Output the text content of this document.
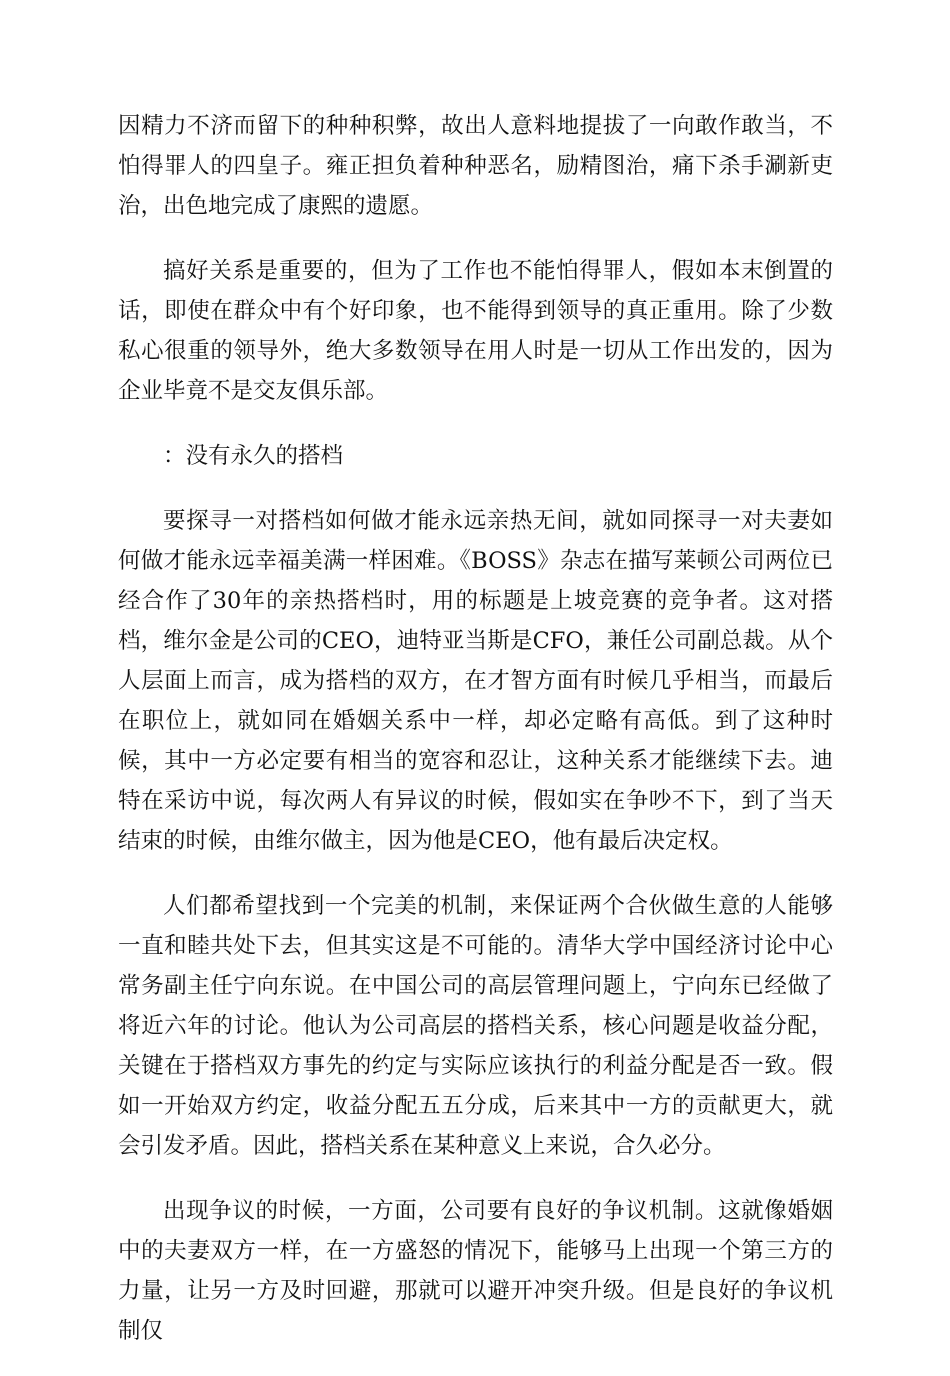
因精力不济而留下的种种积弊，故出人意料地提拔了一向敢作敢当，不怕得罪人的四皇子。雍正担负着种种恶名，励精图治，痛下杀手涮新吏治，出色地完成了康熙的遗愿。

搞好关系是重要的，但为了工作也不能怕得罪人，假如本末倒置的话，即使在群众中有个好印象，也不能得到领导的真正重用。除了少数私心很重的领导外，绝大多数领导在用人时是一切从工作出发的，因为企业毕竟不是交友俱乐部。

：没有永久的搭档

要探寻一对搭档如何做才能永远亲热无间，就如同探寻一对夫妻如何做才能永远幸福美满一样困难。《BOSS》杂志在描写莱顿公司两位已经合作了30年的亲热搭档时，用的标题是上坡竞赛的竞争者。这对搭档，维尔金是公司的CEO，迪特亚当斯是CFO，兼任公司副总裁。从个人层面上而言，成为搭档的双方，在才智方面有时候几乎相当，而最后在职位上，就如同在婚姻关系中一样，却必定略有高低。到了这种时候，其中一方必定要有相当的宽容和忍让，这种关系才能继续下去。迪特在采访中说，每次两人有异议的时候，假如实在争吵不下，到了当天结束的时候，由维尔做主，因为他是CEO，他有最后决定权。

人们都希望找到一个完美的机制，来保证两个合伙做生意的人能够一直和睦共处下去，但其实这是不可能的。清华大学中国经济讨论中心常务副主任宁向东说。在中国公司的高层管理问题上，宁向东已经做了将近六年的讨论。他认为公司高层的搭档关系，核心问题是收益分配，关键在于搭档双方事先的约定与实际应该执行的利益分配是否一致。假如一开始双方约定，收益分配五五分成，后来其中一方的贡献更大，就会引发矛盾。因此，搭档关系在某种意义上来说，合久必分。

出现争议的时候，一方面，公司要有良好的争议机制。这就像婚姻中的夫妻双方一样，在一方盛怒的情况下，能够马上出现一个第三方的力量，让另一方及时回避，那就可以避开冲突升级。但是良好的争议机制仅
